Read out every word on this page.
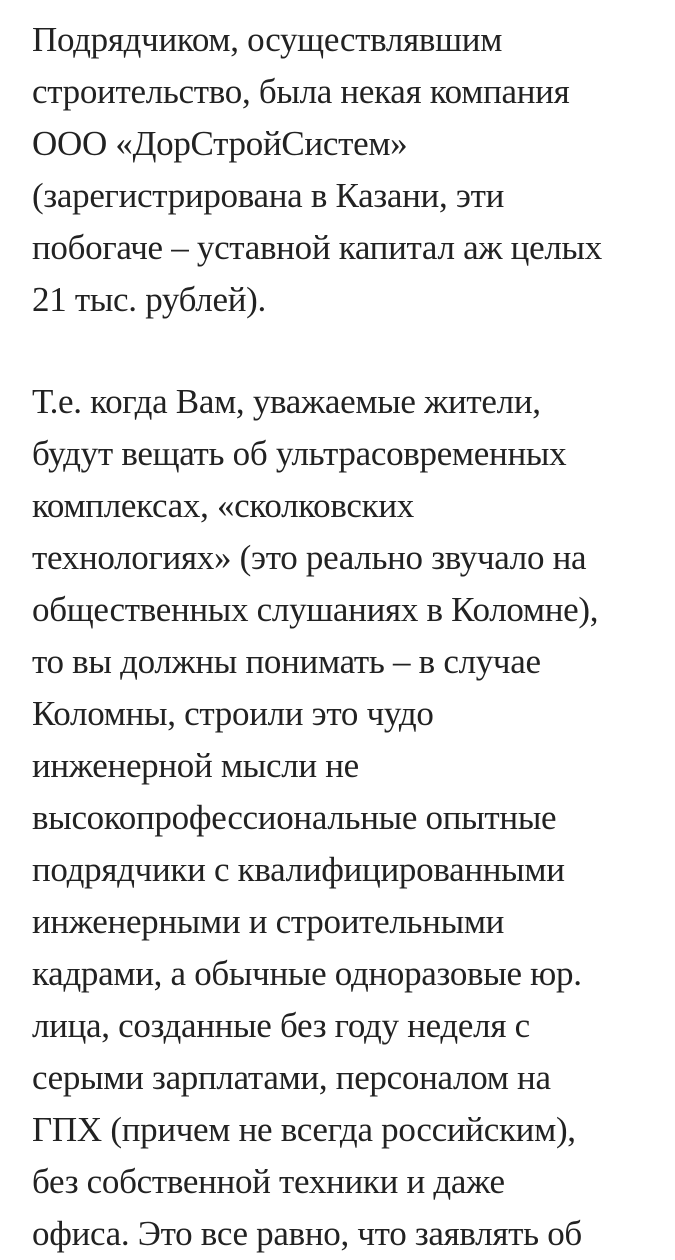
Подрядчиком, осуществлявшим
строительство, была некая компания
ООО «ДорСтройСистем»
(зарегистрирована в Казани, эти
побогаче – уставной капитал аж целых
21 тыс. рублей).

Т.е. когда Вам, уважаемые жители,
будут вещать об ультрасовременных
комплексах, «сколковских
технологиях» (это реально звучало на
общественных слушаниях в Коломне),
то вы должны понимать – в случае
Коломны, строили это чудо
инженерной мысли не
высокопрофессиональные опытные
подрядчики с квалифицированными
инженерными и строительными
кадрами, а обычные одноразовые юр.
лица, созданные без году неделя с
серыми зарплатами, персоналом на
ГПХ (причем не всегда российским),
без собственной техники и даже
офиса. Это все равно, что заявлять об
